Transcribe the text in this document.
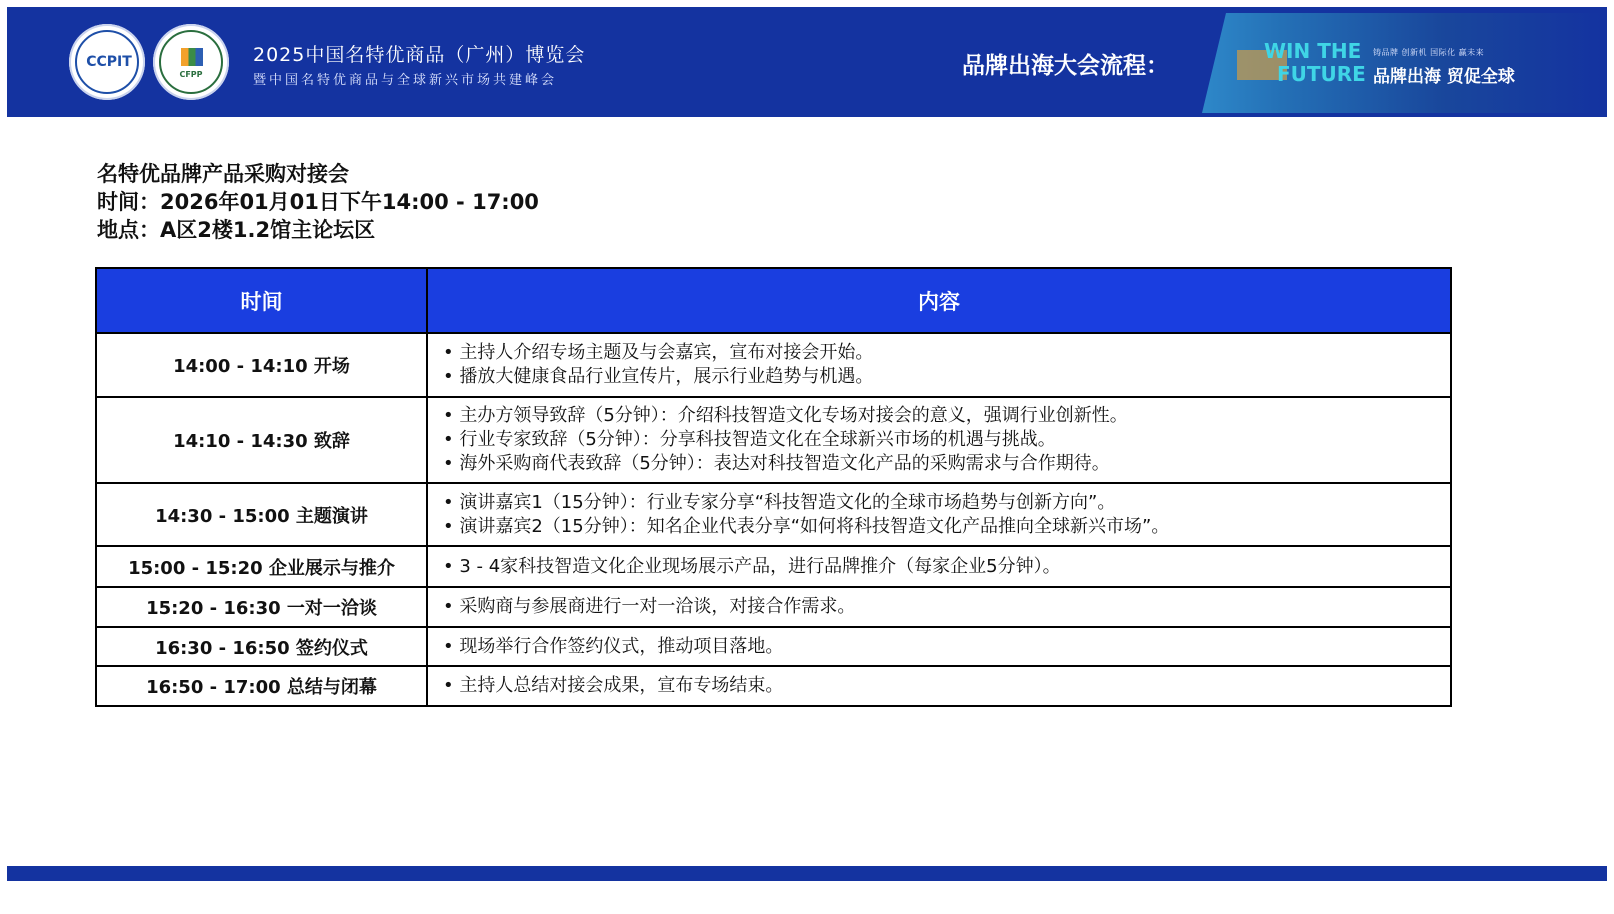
CCPIT
CFPP
2025中国名特优商品（广州）博览会
暨中国名特优商品与全球新兴市场共建峰会
品牌出海大会流程：
WIN THE
FUTURE
铸品牌 创新机 国际化 赢未来
品牌出海 贸促全球
名特优品牌产品采购对接会
时间：2026年01月01日下午14:00 - 17:00
地点：A区2楼1.2馆主论坛区
时间	内容
14:00 - 14:10 开场	• 主持人介绍专场主题及与会嘉宾，宣布对接会开始。
• 播放大健康食品行业宣传片，展示行业趋势与机遇。

14:10 - 14:30 致辞	• 主办方领导致辞（5分钟）：介绍科技智造文化专场对接会的意义，强调行业创新性。
• 行业专家致辞（5分钟）：分享科技智造文化在全球新兴市场的机遇与挑战。
• 海外采购商代表致辞（5分钟）：表达对科技智造文化产品的采购需求与合作期待。

14:30 - 15:00 主题演讲	• 演讲嘉宾1（15分钟）：行业专家分享“科技智造文化的全球市场趋势与创新方向”。
• 演讲嘉宾2（15分钟）：知名企业代表分享“如何将科技智造文化产品推向全球新兴市场”。

15:00 - 15:20 企业展示与推介	• 3 - 4家科技智造文化企业现场展示产品，进行品牌推介（每家企业5分钟）。

15:20 - 16:30 一对一洽谈	• 采购商与参展商进行一对一洽谈，对接合作需求。

16:30 - 16:50 签约仪式	• 现场举行合作签约仪式，推动项目落地。

16:50 - 17:00 总结与闭幕	• 主持人总结对接会成果，宣布专场结束。
